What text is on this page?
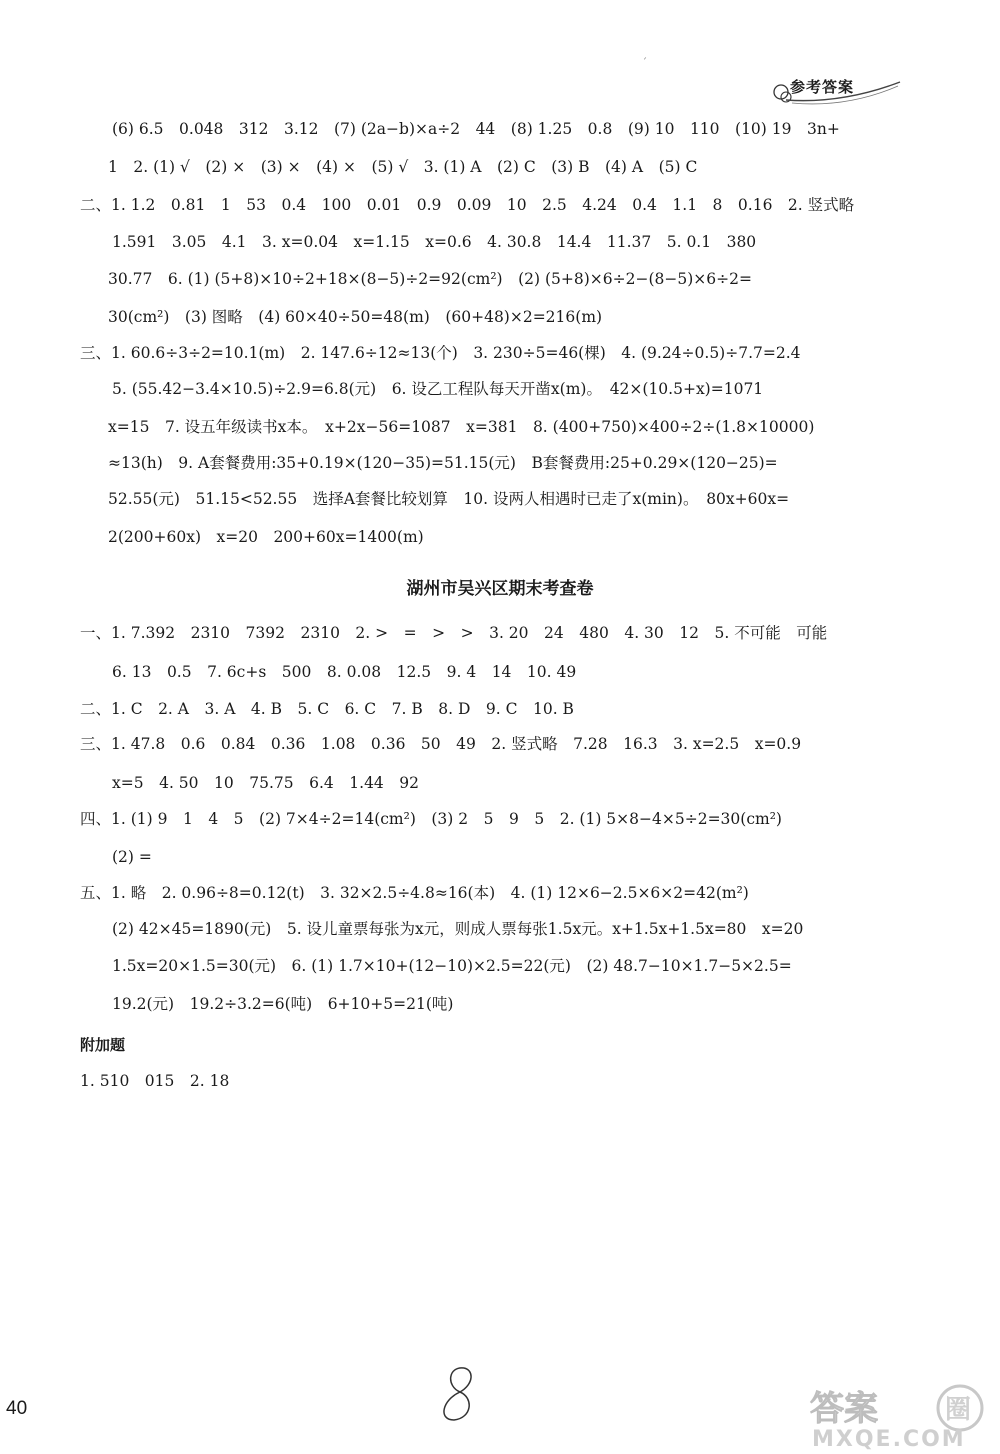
ˊ
参考答案
(6) 6.5　0.048　312　3.12　(7) (2a−b)×a÷2　44　(8) 1.25　0.8　(9) 10　110　(10) 19　3n+
1　2. (1) √　(2) ×　(3) ×　(4) ×　(5) √　3. (1) A　(2) C　(3) B　(4) A　(5) C
二、1. 1.2　0.81　1　53　0.4　100　0.01　0.9　0.09　10　2.5　4.24　0.4　1.1　8　0.16　2. 竖式略
1.591　3.05　4.1　3. x=0.04　x=1.15　x=0.6　4. 30.8　14.4　11.37　5. 0.1　380
30.77　6. (1) (5+8)×10÷2+18×(8−5)÷2=92(cm²)　(2) (5+8)×6÷2−(8−5)×6÷2=
30(cm²)　(3) 图略　(4) 60×40÷50=48(m)　(60+48)×2=216(m)
三、1. 60.6÷3÷2=10.1(m)　2. 147.6÷12≈13(个)　3. 230÷5=46(棵)　4. (9.24÷0.5)÷7.7=2.4
5. (55.42−3.4×10.5)÷2.9=6.8(元)　6. 设乙工程队每天开凿x(m)。　42×(10.5+x)=1071
x=15　7. 设五年级读书x本。　x+2x−56=1087　x=381　8. (400+750)×400÷2÷(1.8×10000)
≈13(h)　9. A套餐费用:35+0.19×(120−35)=51.15(元)　B套餐费用:25+0.29×(120−25)=
52.55(元)　51.15<52.55　选择A套餐比较划算　10. 设两人相遇时已走了x(min)。　80x+60x=
2(200+60x)　x=20　200+60x=1400(m)
湖州市吴兴区期末考查卷
一、1. 7.392　2310　7392　2310　2. >　=　>　>　3. 20　24　480　4. 30　12　5. 不可能　可能
6. 13　0.5　7. 6c+s　500　8. 0.08　12.5　9. 4　14　10. 49
二、1. C　2. A　3. A　4. B　5. C　6. C　7. B　8. D　9. C　10. B
三、1. 47.8　0.6　0.84　0.36　1.08　0.36　50　49　2. 竖式略　7.28　16.3　3. x=2.5　x=0.9
x=5　4. 50　10　75.75　6.4　1.44　92
四、1. (1) 9　1　4　5　(2) 7×4÷2=14(cm²)　(3) 2　5　9　5　2. (1) 5×8−4×5÷2=30(cm²)
(2) =
五、1. 略　2. 0.96÷8=0.12(t)　3. 32×2.5÷4.8≈16(本)　4. (1) 12×6−2.5×6×2=42(m²)
(2) 42×45=1890(元)　5. 设儿童票每张为x元，则成人票每张1.5x元。x+1.5x+1.5x=80　x=20
1.5x=20×1.5=30(元)　6. (1) 1.7×10+(12−10)×2.5=22(元)　(2) 48.7−10×1.7−5×2.5=
19.2(元)　19.2÷3.2=6(吨)　6+10+5=21(吨)
附加题
1. 510　015　2. 18
40	答案	圈
MXQE.COM
